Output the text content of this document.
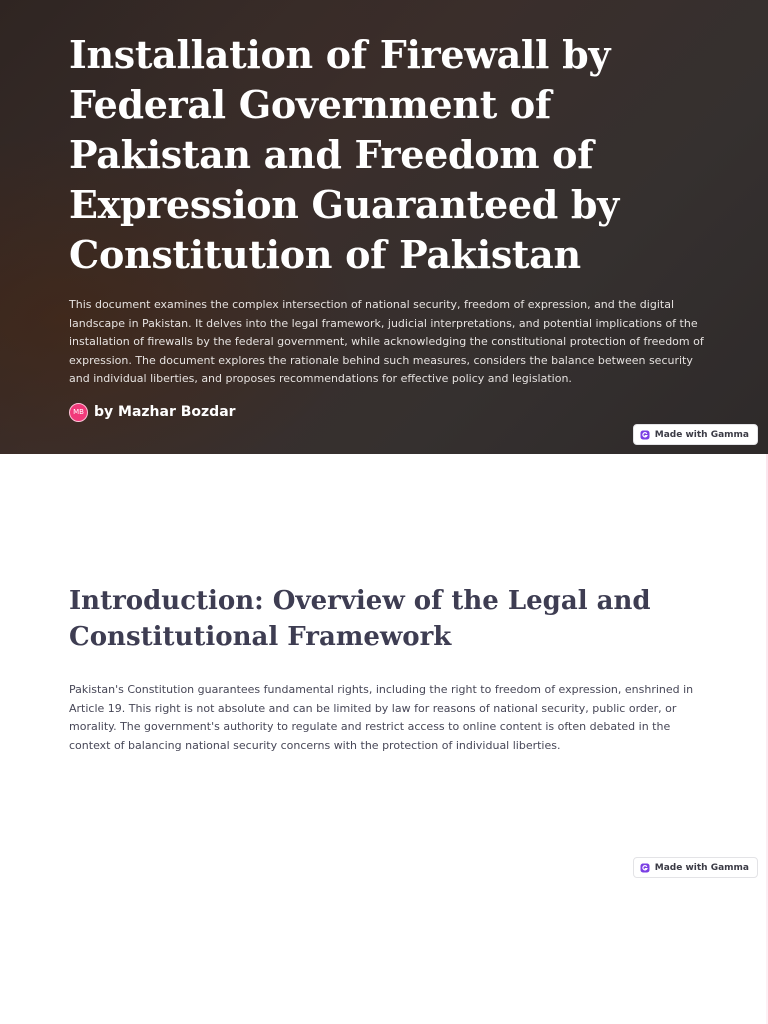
Installation of Firewall by Federal Government of Pakistan and Freedom of Expression Guaranteed by Constitution of Pakistan

This document examines the complex intersection of national security, freedom of expression, and the digital landscape in Pakistan. It delves into the legal framework, judicial interpretations, and potential implications of the installation of firewalls by the federal government, while acknowledging the constitutional protection of freedom of expression. The document explores the rationale behind such measures, considers the balance between security and individual liberties, and proposes recommendations for effective policy and legislation.

MB by Mazhar Bozdar
Made with Gamma
Introduction: Overview of the Legal and Constitutional Framework

Pakistan's Constitution guarantees fundamental rights, including the right to freedom of expression, enshrined in Article 19. This right is not absolute and can be limited by law for reasons of national security, public order, or morality. The government's authority to regulate and restrict access to online content is often debated in the context of balancing national security concerns with the protection of individual liberties.

Made with Gamma
